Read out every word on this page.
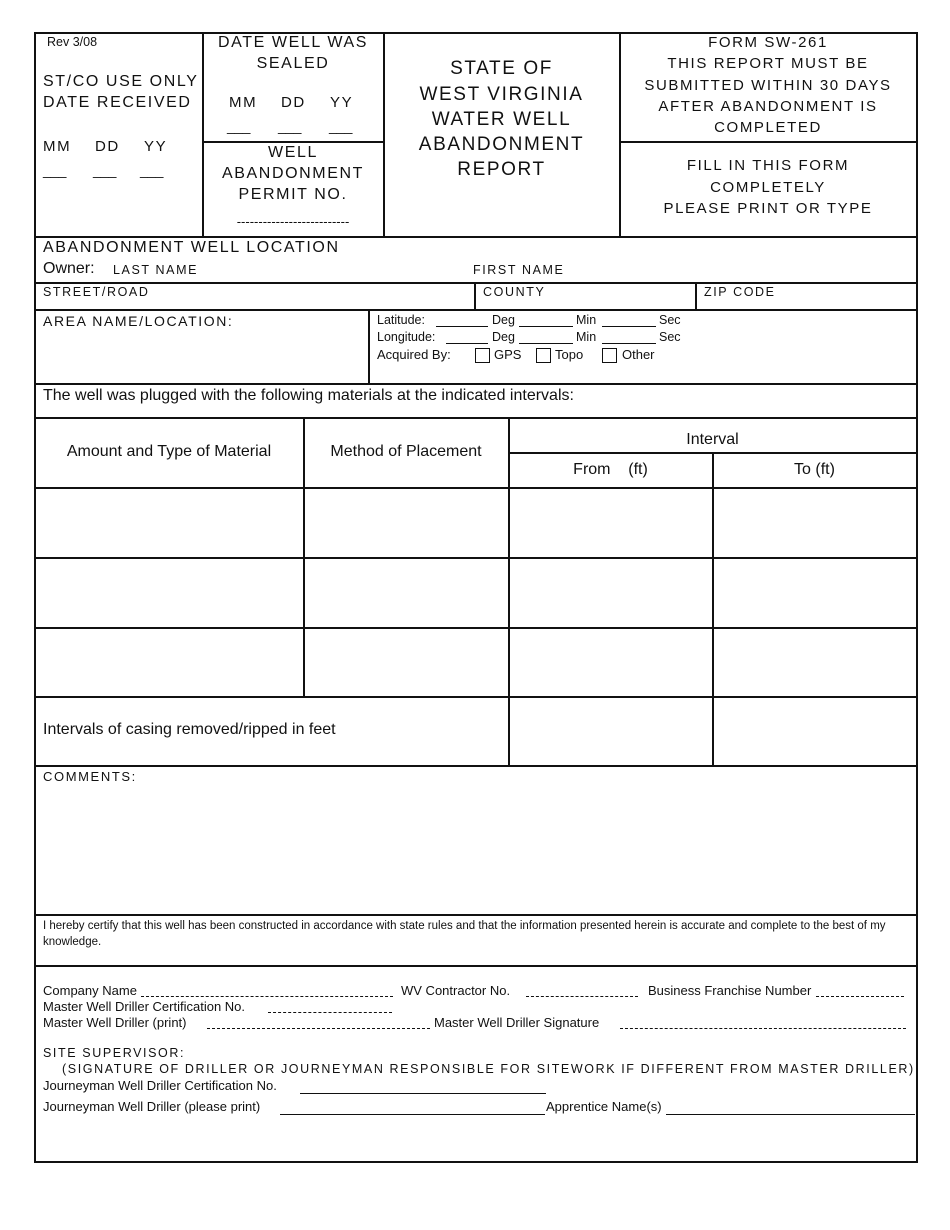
Rev 3/08
ST/CO USE ONLY
DATE RECEIVED
MM DD YY
___ ___ ___
DATE WELL WAS
SEALED
MM DD YY
___ ___ ___
WELL
ABANDONMENT
PERMIT NO.
--------------------------
STATE OF
WEST VIRGINIA
WATER WELL
ABANDONMENT
REPORT
FORM SW-261
THIS REPORT MUST BE
SUBMITTED WITHIN 30 DAYS
AFTER ABANDONMENT IS
COMPLETED
FILL IN THIS FORM
COMPLETELY
PLEASE PRINT OR TYPE
ABANDONMENT WELL LOCATION
Owner: LAST NAME	FIRST NAME
STREET/ROAD	COUNTY	ZIP CODE
AREA NAME/LOCATION:	Latitude:	Deg	Min	Sec
Longitude:	Deg	Min	Sec
Acquired By:	GPS	Topo	Other
The well was plugged with the following materials at the indicated intervals:
Amount and Type of Material	Method of Placement
Interval
From    (ft)	To (ft)
Intervals of casing removed/ripped in feet
COMMENTS:
I hereby certify that this well has been constructed in accordance with state rules and that the information presented herein is accurate and complete to the best of my knowledge.
Company Name	WV Contractor No.	Business Franchise Number
Master Well Driller Certification No.
Master Well Driller (print)	Master Well Driller Signature
SITE SUPERVISOR:
(SIGNATURE OF DRILLER OR JOURNEYMAN RESPONSIBLE FOR SITEWORK IF DIFFERENT FROM MASTER DRILLER)
Journeyman Well Driller Certification No.
Journeyman Well Driller (please print)	Apprentice Name(s)
